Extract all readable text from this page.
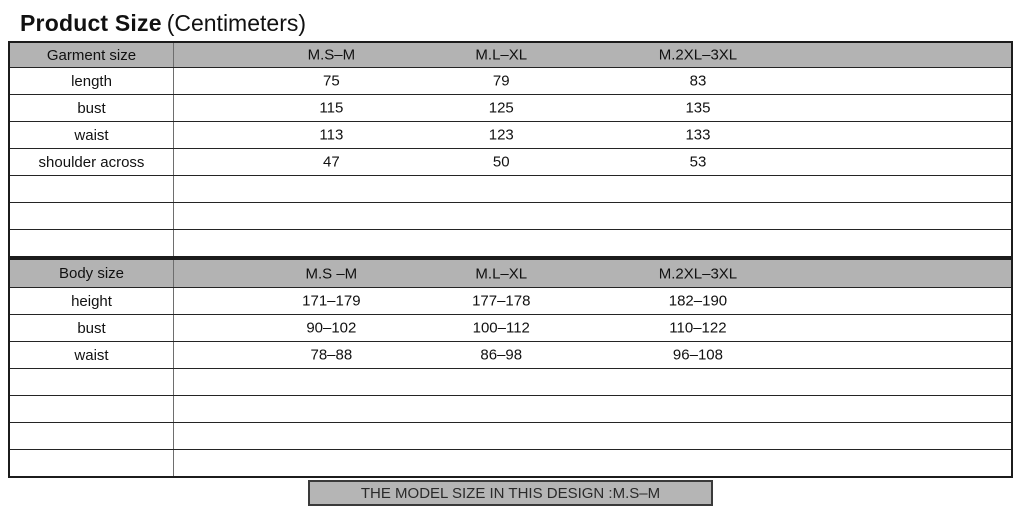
Product Size (Centimeters)
Garment size	M.S–M	M.L–XL	M.2XL–3XL
length	75	79	83
bust	115	125	135
waist	113	123	133
shoulder across	47	50	53
Body size	M.S –M	M.L–XL	M.2XL–3XL
height	171–179	177–178	182–190
bust	90–102	100–112	110–122
waist	78–88	86–98	96–108
THE MODEL SIZE IN THIS DESIGN :M.S–M
